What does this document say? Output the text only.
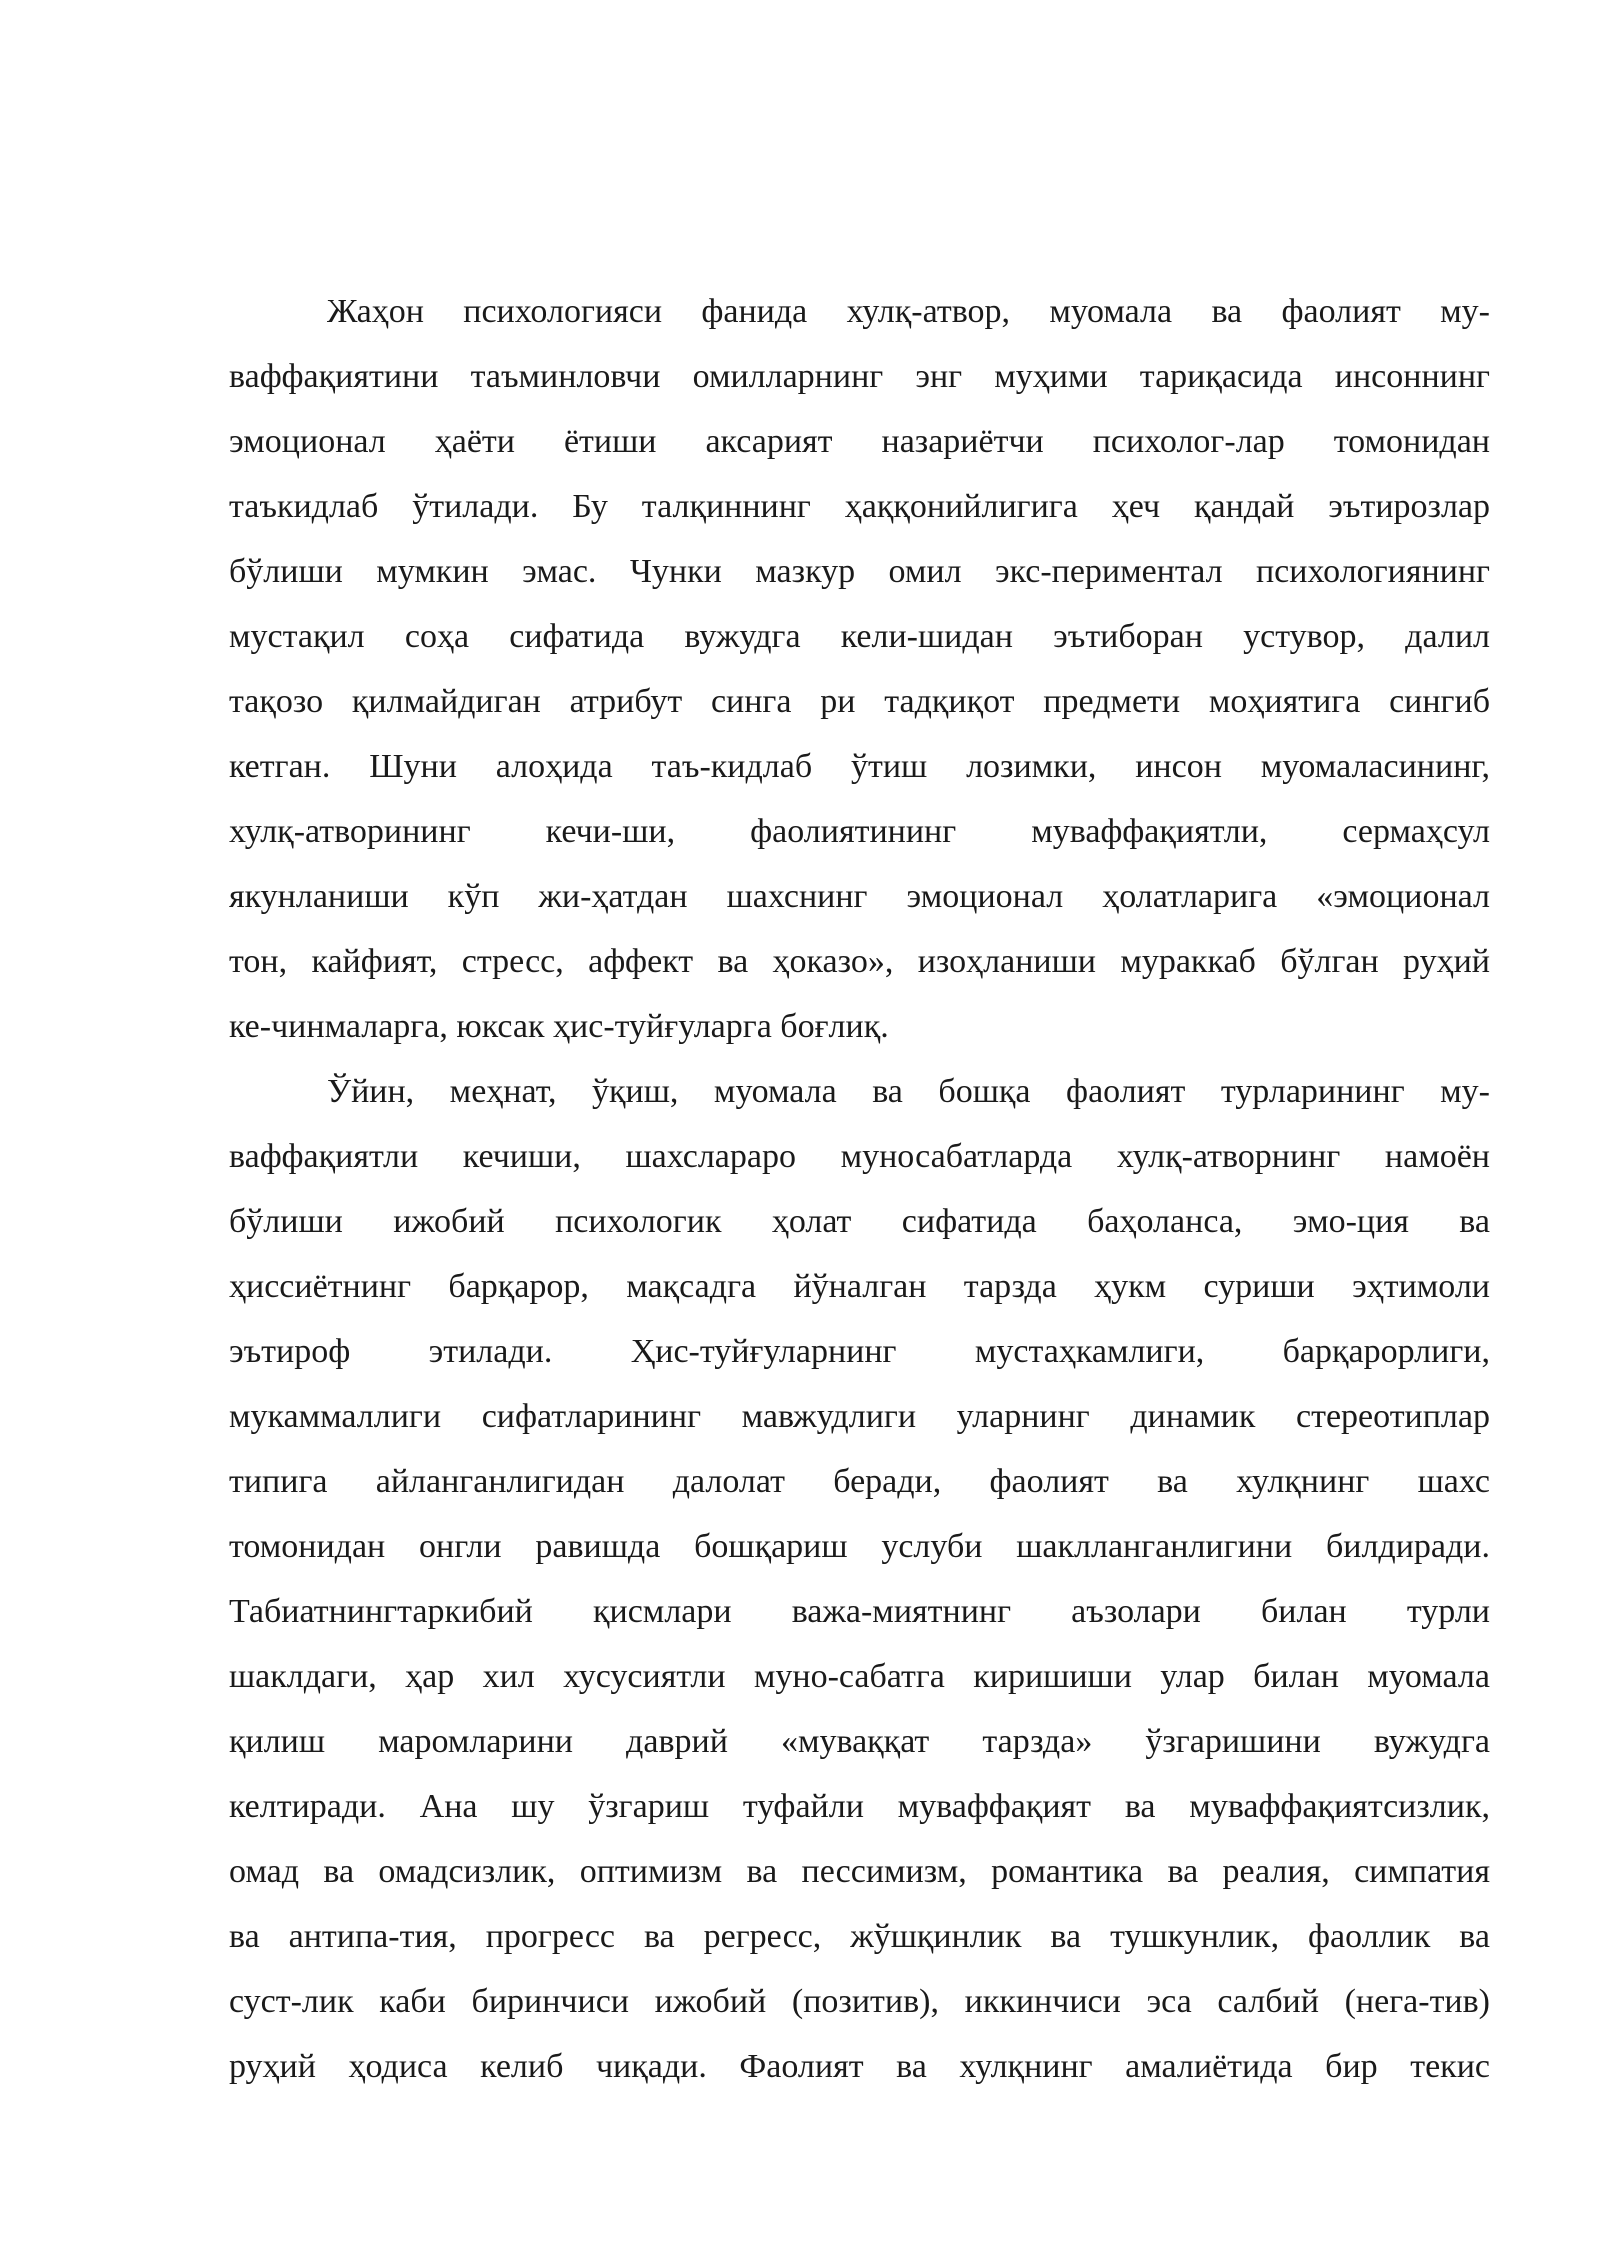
Жаҳон психологияси фанида хулқ-атвор, муомала ва фаолият му-
ваффақиятини таъминловчи омилларнинг энг муҳими тариқасида инсоннинг
эмоционал ҳаёти ётиши аксарият назариётчи психолог-лар томонидан
таъкидлаб ўтилади. Бу талқиннинг ҳаққонийлигига ҳеч қандай эътирозлар
бўлиши мумкин эмас. Чунки мазкур омил экс-периментал психологиянинг
мустақил соҳа сифатида вужудга кели-шидан эътиборан устувор, далил
тақозо қилмайдиган атрибут синга ри тадқиқот предмети моҳиятига сингиб
кетган. Шуни алоҳида таъ-кидлаб ўтиш лозимки, инсон муомаласининг,
хулқ-атворининг кечи-ши, фаолиятининг муваффақиятли, сермаҳсул
якунланиши кўп жи-ҳатдан шахснинг эмоционал ҳолатларига «эмоционал
тон, кайфият, стресс, аффект ва ҳоказо», изоҳланиши мураккаб бўлган руҳий
ке-чинмаларга, юксак ҳис-туйғуларга боғлиқ.
Ўйин, меҳнат, ўқиш, муомала ва бошқа фаолият турларининг му-
ваффақиятли кечиши, шахслараро муносабатларда хулқ-атворнинг намоён
бўлиши ижобий психологик ҳолат сифатида баҳоланса, эмо-ция ва
ҳиссиётнинг барқарор, мақсадга йўналган тарзда ҳукм суриши эҳтимоли
эътироф этилади. Ҳис-туйғуларнинг мустаҳкамлиги, барқарорлиги,
мукаммаллиги сифатларининг мавжудлиги уларнинг динамик стереотиплар
типига айланганлигидан далолат беради, фаолият ва хулқнинг шахс
томонидан онгли равишда бошқариш услуби шаклланганлигини билдиради.
Табиатнингтаркибий қисмлари важа-миятнинг аъзолари билан турли
шаклдаги, ҳар хил хусусиятли муно-сабатга киришиши улар билан муомала
қилиш маромларини даврий «муваққат тарзда» ўзгаришини вужудга
келтиради. Ана шу ўзгариш туфайли муваффақият ва муваффақиятсизлик,
омад ва омадсизлик, оптимизм ва пессимизм, романтика ва реалия, симпатия
ва антипа-тия, прогресс ва регресс, жўшқинлик ва тушкунлик, фаоллик ва
суст-лик каби биринчиси ижобий (позитив), иккинчиси эса салбий (нега-тив)
руҳий ҳодиса келиб чиқади. Фаолият ва хулқнинг амалиётида бир текис
